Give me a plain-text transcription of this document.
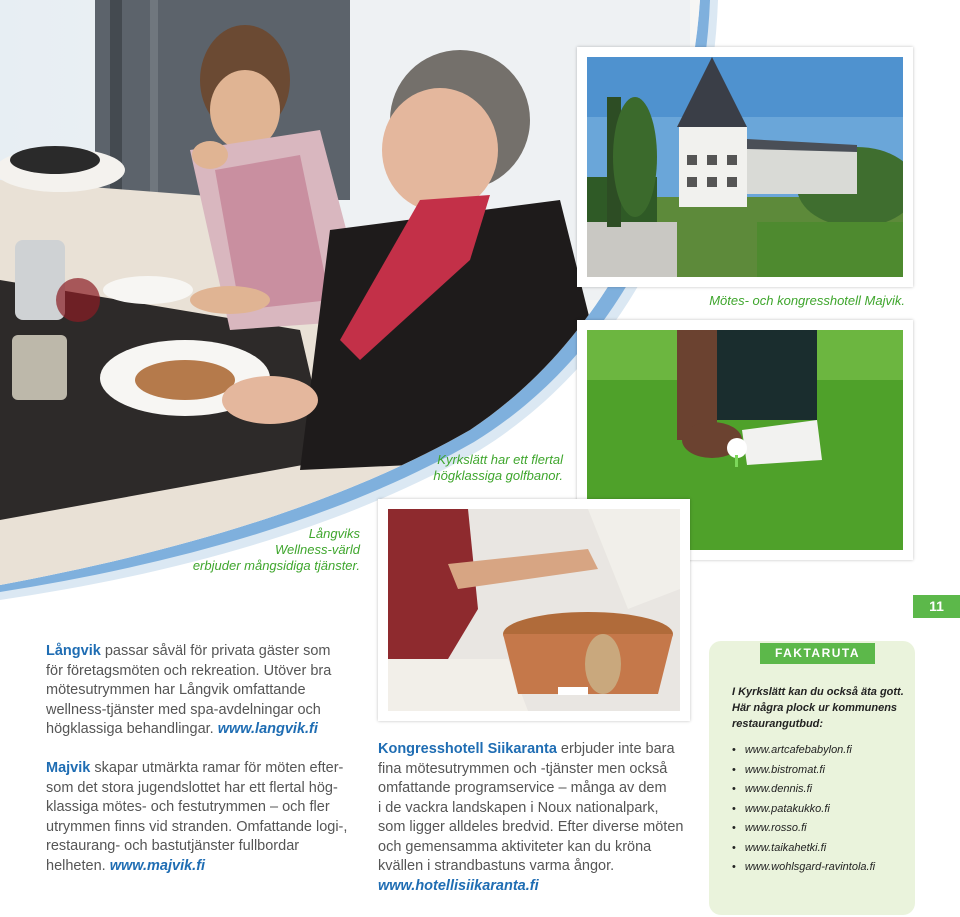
Mötes- och kongresshotell Majvik.
Kyrkslätt har ett flertal
högklassiga golfbanor.
Långviks
Wellness-värld
erbjuder mångsidiga tjänster.
11
Långvik passar såväl för privata gäster som
för företagsmöten och rekreation. Utöver bra
mötesutrymmen har Långvik omfattande
wellness-tjänster med spa-avdelningar och
högklassiga behandlingar. www.langvik.fi
Majvik skapar utmärkta ramar för möten efter-
som det stora jugendslottet har ett flertal hög-
klassiga mötes- och festutrymmen – och fler
utrymmen finns vid stranden. Omfattande logi-,
restaurang- och bastutjänster fullbordar
helheten. www.majvik.fi
Kongresshotell Siikaranta erbjuder inte bara
fina mötesutrymmen och -tjänster men också
omfattande programservice – många av dem
i de vackra landskapen i Noux nationalpark,
som ligger alldeles bredvid. Efter diverse möten
och gemensamma aktiviteter kan du kröna
kvällen i strandbastuns varma ångor.
www.hotellisiikaranta.fi
FAKTARUTA
I Kyrkslätt kan du också äta gott. Här några plock ur kommunens restaurangutbud:
• www.artcafebabylon.fi
• www.bistromat.fi
• www.dennis.fi
• www.patakukko.fi
• www.rosso.fi
• www.taikahetki.fi
• www.wohlsgard-ravintola.fi
